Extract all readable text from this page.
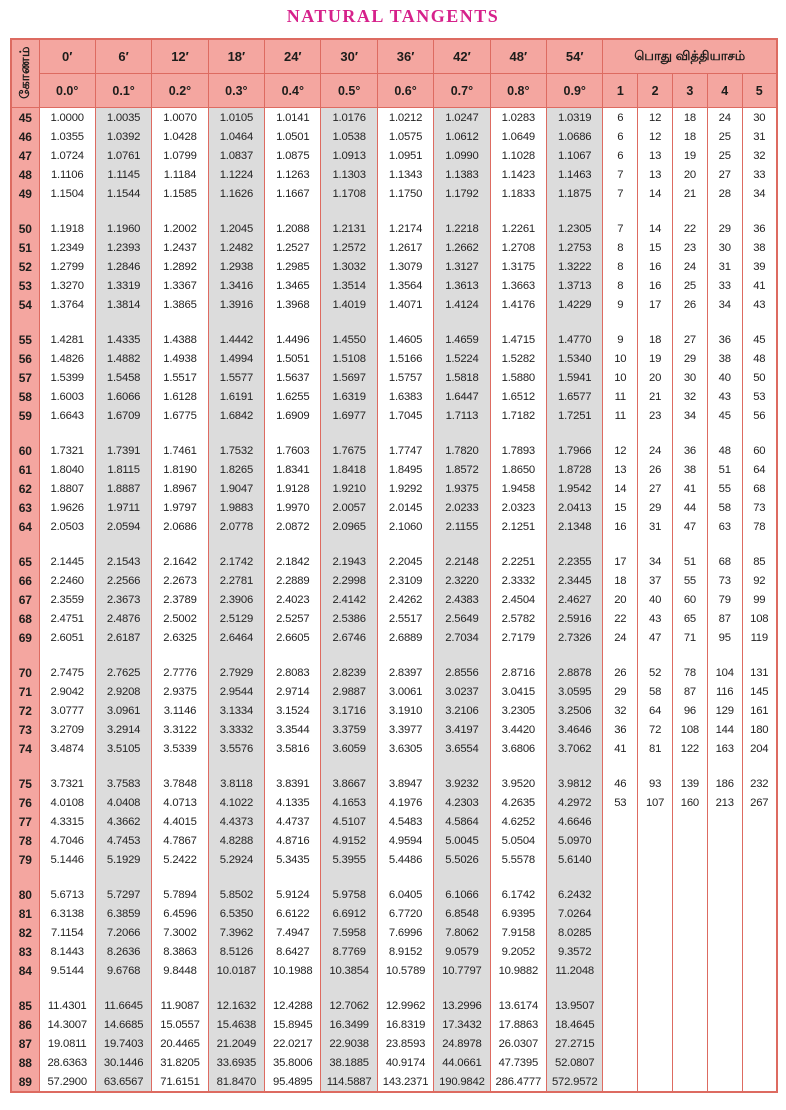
NATURAL TANGENTS
கோணம்	0′	6′	12′	18′	24′	30′	36′	42′	48′	54′	பொது வித்தியாசம்				
	0.0°	0.1°	0.2°	0.3°	0.4°	0.5°	0.6°	0.7°	0.8°	0.9°	1	2	3	4	5
45	1.0000	1.0035	1.0070	1.0105	1.0141	1.0176	1.0212	1.0247	1.0283	1.0319	6	12	18	24	30
46	1.0355	1.0392	1.0428	1.0464	1.0501	1.0538	1.0575	1.0612	1.0649	1.0686	6	12	18	25	31
47	1.0724	1.0761	1.0799	1.0837	1.0875	1.0913	1.0951	1.0990	1.1028	1.1067	6	13	19	25	32
48	1.1106	1.1145	1.1184	1.1224	1.1263	1.1303	1.1343	1.1383	1.1423	1.1463	7	13	20	27	33
49	1.1504	1.1544	1.1585	1.1626	1.1667	1.1708	1.1750	1.1792	1.1833	1.1875	7	14	21	28	34

50	1.1918	1.1960	1.2002	1.2045	1.2088	1.2131	1.2174	1.2218	1.2261	1.2305	7	14	22	29	36
51	1.2349	1.2393	1.2437	1.2482	1.2527	1.2572	1.2617	1.2662	1.2708	1.2753	8	15	23	30	38
52	1.2799	1.2846	1.2892	1.2938	1.2985	1.3032	1.3079	1.3127	1.3175	1.3222	8	16	24	31	39
53	1.3270	1.3319	1.3367	1.3416	1.3465	1.3514	1.3564	1.3613	1.3663	1.3713	8	16	25	33	41
54	1.3764	1.3814	1.3865	1.3916	1.3968	1.4019	1.4071	1.4124	1.4176	1.4229	9	17	26	34	43

55	1.4281	1.4335	1.4388	1.4442	1.4496	1.4550	1.4605	1.4659	1.4715	1.4770	9	18	27	36	45
56	1.4826	1.4882	1.4938	1.4994	1.5051	1.5108	1.5166	1.5224	1.5282	1.5340	10	19	29	38	48
57	1.5399	1.5458	1.5517	1.5577	1.5637	1.5697	1.5757	1.5818	1.5880	1.5941	10	20	30	40	50
58	1.6003	1.6066	1.6128	1.6191	1.6255	1.6319	1.6383	1.6447	1.6512	1.6577	11	21	32	43	53
59	1.6643	1.6709	1.6775	1.6842	1.6909	1.6977	1.7045	1.7113	1.7182	1.7251	11	23	34	45	56

60	1.7321	1.7391	1.7461	1.7532	1.7603	1.7675	1.7747	1.7820	1.7893	1.7966	12	24	36	48	60
61	1.8040	1.8115	1.8190	1.8265	1.8341	1.8418	1.8495	1.8572	1.8650	1.8728	13	26	38	51	64
62	1.8807	1.8887	1.8967	1.9047	1.9128	1.9210	1.9292	1.9375	1.9458	1.9542	14	27	41	55	68
63	1.9626	1.9711	1.9797	1.9883	1.9970	2.0057	2.0145	2.0233	2.0323	2.0413	15	29	44	58	73
64	2.0503	2.0594	2.0686	2.0778	2.0872	2.0965	2.1060	2.1155	2.1251	2.1348	16	31	47	63	78

65	2.1445	2.1543	2.1642	2.1742	2.1842	2.1943	2.2045	2.2148	2.2251	2.2355	17	34	51	68	85
66	2.2460	2.2566	2.2673	2.2781	2.2889	2.2998	2.3109	2.3220	2.3332	2.3445	18	37	55	73	92
67	2.3559	2.3673	2.3789	2.3906	2.4023	2.4142	2.4262	2.4383	2.4504	2.4627	20	40	60	79	99
68	2.4751	2.4876	2.5002	2.5129	2.5257	2.5386	2.5517	2.5649	2.5782	2.5916	22	43	65	87	108
69	2.6051	2.6187	2.6325	2.6464	2.6605	2.6746	2.6889	2.7034	2.7179	2.7326	24	47	71	95	119

70	2.7475	2.7625	2.7776	2.7929	2.8083	2.8239	2.8397	2.8556	2.8716	2.8878	26	52	78	104	131
71	2.9042	2.9208	2.9375	2.9544	2.9714	2.9887	3.0061	3.0237	3.0415	3.0595	29	58	87	116	145
72	3.0777	3.0961	3.1146	3.1334	3.1524	3.1716	3.1910	3.2106	3.2305	3.2506	32	64	96	129	161
73	3.2709	3.2914	3.3122	3.3332	3.3544	3.3759	3.3977	3.4197	3.4420	3.4646	36	72	108	144	180
74	3.4874	3.5105	3.5339	3.5576	3.5816	3.6059	3.6305	3.6554	3.6806	3.7062	41	81	122	163	204

75	3.7321	3.7583	3.7848	3.8118	3.8391	3.8667	3.8947	3.9232	3.9520	3.9812	46	93	139	186	232
76	4.0108	4.0408	4.0713	4.1022	4.1335	4.1653	4.1976	4.2303	4.2635	4.2972	53	107	160	213	267
77	4.3315	4.3662	4.4015	4.4373	4.4737	4.5107	4.5483	4.5864	4.6252	4.6646					
78	4.7046	4.7453	4.7867	4.8288	4.8716	4.9152	4.9594	5.0045	5.0504	5.0970					
79	5.1446	5.1929	5.2422	5.2924	5.3435	5.3955	5.4486	5.5026	5.5578	5.6140					

80	5.6713	5.7297	5.7894	5.8502	5.9124	5.9758	6.0405	6.1066	6.1742	6.2432					
81	6.3138	6.3859	6.4596	6.5350	6.6122	6.6912	6.7720	6.8548	6.9395	7.0264					
82	7.1154	7.2066	7.3002	7.3962	7.4947	7.5958	7.6996	7.8062	7.9158	8.0285					
83	8.1443	8.2636	8.3863	8.5126	8.6427	8.7769	8.9152	9.0579	9.2052	9.3572					
84	9.5144	9.6768	9.8448	10.0187	10.1988	10.3854	10.5789	10.7797	10.9882	11.2048					

85	11.4301	11.6645	11.9087	12.1632	12.4288	12.7062	12.9962	13.2996	13.6174	13.9507					
86	14.3007	14.6685	15.0557	15.4638	15.8945	16.3499	16.8319	17.3432	17.8863	18.4645					
87	19.0811	19.7403	20.4465	21.2049	22.0217	22.9038	23.8593	24.8978	26.0307	27.2715					
88	28.6363	30.1446	31.8205	33.6935	35.8006	38.1885	40.9174	44.0661	47.7395	52.0807					
89	57.2900	63.6567	71.6151	81.8470	95.4895	114.5887	143.2371	190.9842	286.4777	572.9572					
